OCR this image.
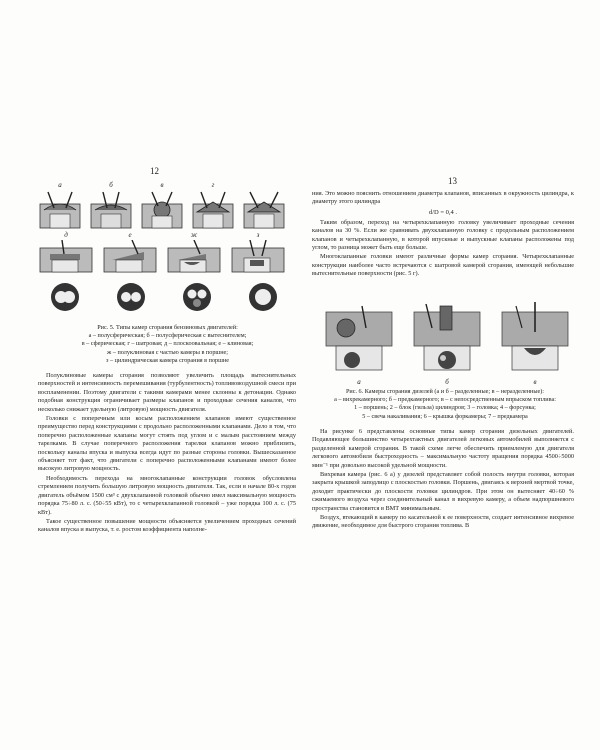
12
а	б	в	г
д	е	ж	з

Рис. 5. Типы камер сгорания бензиновых двигателей:

а – полусферическая; б – полусферическая с вытеснителем;

в – сферическая; г – шатровая; д – плоскоовальная; е – клиновая;

ж – полуклиновая с частью камеры в поршне;

з – цилиндрическая камера сгорания в поршне

Полуклиновые камеры сгорания позволяют увеличить площадь вытеснительных поверхностей и интенсивность перемешивания (турбулентность) топливовоздушной смеси при воспламенении. Поэтому двигатели с такими камерами менее склонны к детонации. Однако подобная конструкция ограничивает размеры клапанов и проходные сечения каналов, что несколько снижает удельную (литровую) мощность двигателя.

Головки с поперечным или косым расположением клапанов имеют существенное преимущество перед конструкциями с продольно расположенными клапанами. Дело в том, что поперечно расположенные клапаны могут стоять под углом и с малым расстоянием между тарелками. В случае поперечного расположения тарелки клапанов можно приблизить, поскольку каналы впуска и выпуска всегда идут по разные стороны головки. Вышесказанное объясняет тот факт, что двигатели с поперечно расположенными клапанами имеют более высокую литровую мощность.

Необходимость перехода на многоклапанные конструкции головок обусловлена стремлением получить большую литровую мощность двигателя. Так, если в начале 80-х годов двигатель объёмом 1500 см³ с двухклапанной головкой обычно имел максимальную мощность порядка 75÷80 л. с. (50÷55 кВт), то с четырехклапанной головкой – уже порядка 100 л. с. (75 кВт).

Такое существенное повышение мощности объясняется увеличением проходных сечений каналов впуска и выпуска, т. е. ростом коэффициента наполне-

13

ния. Это можно пояснить отношением диаметра клапанов, вписанных в окружность цилиндра, к диаметру этого цилиндра

d/D = 0,4 .

Таким образом, переход на четырехклапанную головку увеличивает проходные сечения каналов на 30 %. Если же сравнивать двухклапанную головку с продольным расположением клапанов и четырехклапанную, в которой впускные и выпускные клапаны расположены под углом, то разница может быть еще больше.

Многоклапанные головки имеют различные формы камер сгорания. Четырехклапанные конструкции наиболее часто встречаются с шатровой камерой сгорания, имеющей небольшие вытеснительные поверхности (рис. 5 г).

а	б	в

Рис. 6. Камеры сгорания дизелей (а и б – разделенные; в – неразделенные):

а – вихрекамерного; б – предкамерного; в – с непосредственным впрыском топлива:

1 – поршень; 2 – блок (гильза) цилиндров; 3 – головка; 4 – форсунка;

5 – свеча накаливания; 6 – крышка форкамеры; 7 – предкамера

На рисунке 6 представлены основные типы камер сгорания дизельных двигателей. Подавляющее большинство четырехтактных двигателей легковых автомобилей выполняется с разделенной камерой сгорания. В такой схеме легче обеспечить приемлемую для двигателя легкового автомобиля быстроходность – максимальную частоту вращения порядка 4500÷5000 мин⁻¹ при довольно высокой удельной мощности.

Вихревая камера (рис. 6 а) у дизелей представляет собой полость внутри головки, которая закрыта крышкой заподлицо с плоскостью головки. Поршень, двигаясь к верхней мертвой точке, доходит практически до плоскости головки цилиндров. При этом он вытесняет 40÷60 % сжимаемого воздуха через соединительный канал в вихревую камеру, а объем надпоршневого пространства становится в ВМТ минимальным.

Воздух, втекающий в камеру по касательной к ее поверхности, создает интенсивное вихревое движение, необходимое для быстрого сгорания топлива. В
